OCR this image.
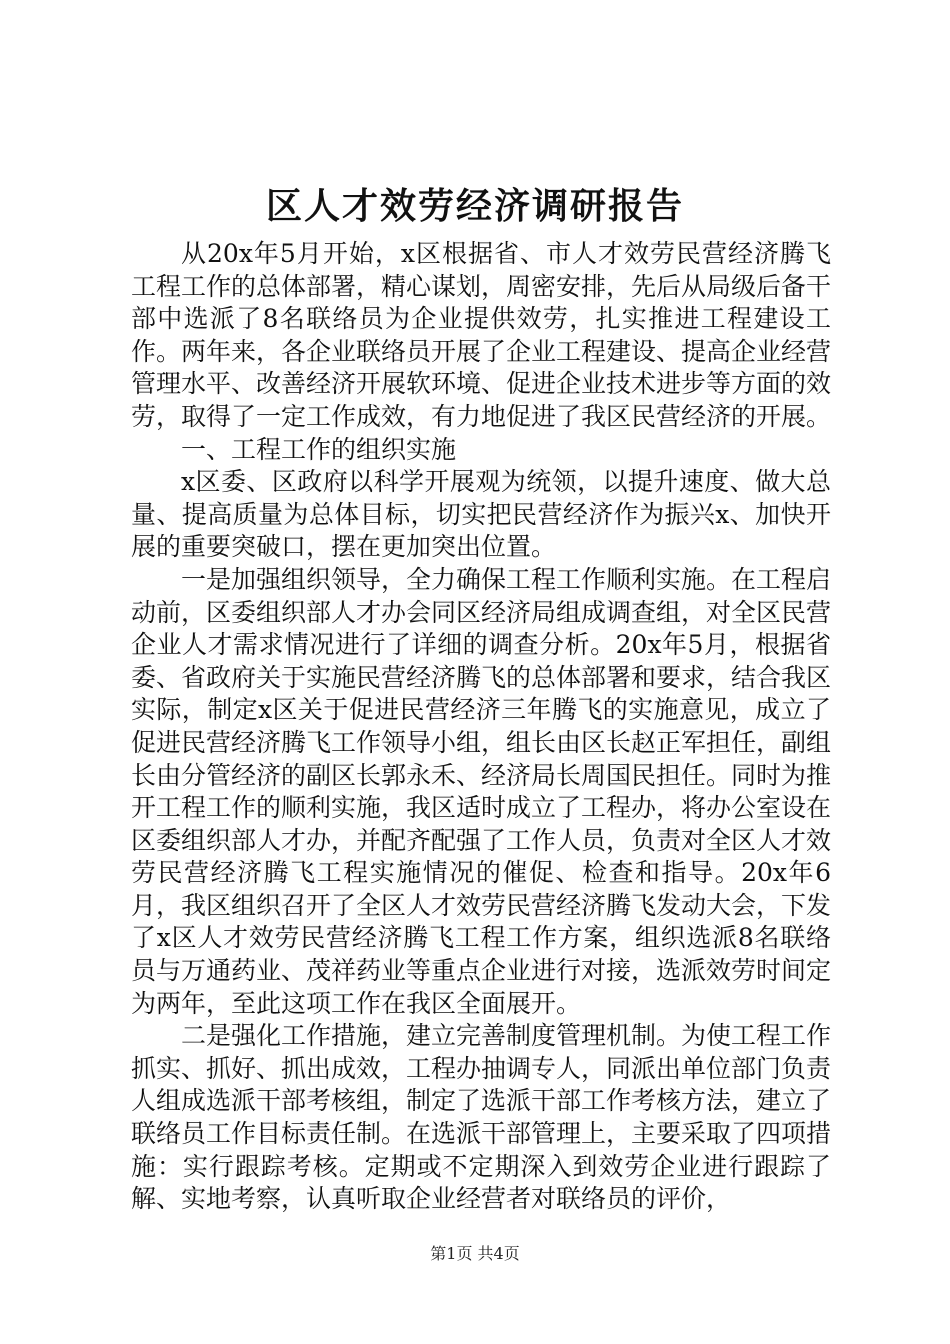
区人才效劳经济调研报告

从20x年5月开始，x区根据省、市人才效劳民营经济腾飞工程工作的总体部署，精心谋划，周密安排，先后从局级后备干部中选派了8名联络员为企业提供效劳，扎实推进工程建设工作。两年来，各企业联络员开展了企业工程建设、提高企业经营管理水平、改善经济开展软环境、促进企业技术进步等方面的效劳，取得了一定工作成效，有力地促进了我区民营经济的开展。

一、工程工作的组织实施

x区委、区政府以科学开展观为统领，以提升速度、做大总量、提高质量为总体目标，切实把民营经济作为振兴x、加快开展的重要突破口，摆在更加突出位置。

一是加强组织领导，全力确保工程工作顺利实施。在工程启动前，区委组织部人才办会同区经济局组成调查组，对全区民营企业人才需求情况进行了详细的调查分析。20x年5月，根据省委、省政府关于实施民营经济腾飞的总体部署和要求，结合我区实际，制定x区关于促进民营经济三年腾飞的实施意见，成立了促进民营经济腾飞工作领导小组，组长由区长赵正军担任，副组长由分管经济的副区长郭永禾、经济局长周国民担任。同时为推开工程工作的顺利实施，我区适时成立了工程办，将办公室设在区委组织部人才办，并配齐配强了工作人员，负责对全区人才效劳民营经济腾飞工程实施情况的催促、检查和指导。20x年6月，我区组织召开了全区人才效劳民营经济腾飞发动大会，下发了x区人才效劳民营经济腾飞工程工作方案，组织选派8名联络员与万通药业、茂祥药业等重点企业进行对接，选派效劳时间定为两年，至此这项工作在我区全面展开。

二是强化工作措施，建立完善制度管理机制。为使工程工作抓实、抓好、抓出成效，工程办抽调专人，同派出单位部门负责人组成选派干部考核组，制定了选派干部工作考核方法，建立了联络员工作目标责任制。在选派干部管理上，主要采取了四项措施：实行跟踪考核。定期或不定期深入到效劳企业进行跟踪了解、实地考察，认真听取企业经营者对联络员的评价，

第1页 共4页
